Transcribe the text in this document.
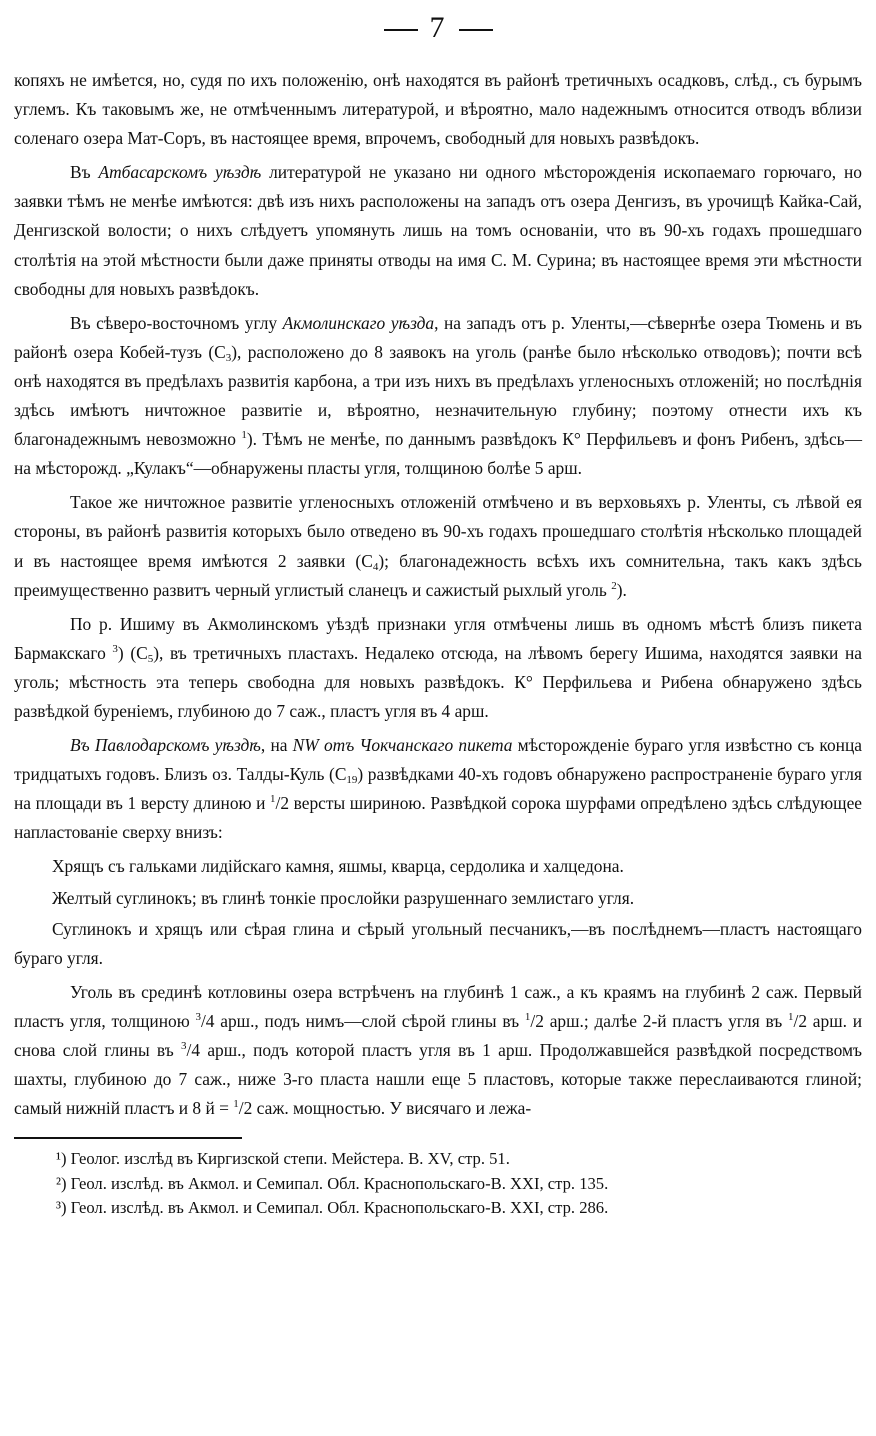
7

копяхъ не имѣется, но, судя по ихъ положенію, онѣ находятся въ районѣ третичныхъ осадковъ, слѣд., съ бурымъ углемъ. Къ таковымъ же, не отмѣченнымъ литературой, и вѣроятно, мало надежнымъ относится отводъ вблизи соленаго озера Мат-Соръ, въ настоящее время, впрочемъ, свободный для новыхъ развѣдокъ.

Въ Атбасарскомъ уѣздѣ литературой не указано ни одного мѣсторожденія ископаемаго горючаго, но заявки тѣмъ не менѣе имѣются: двѣ изъ нихъ расположены на западъ отъ озера Денгизъ, въ урочищѣ Кайка-Сай, Денгизской волости; о нихъ слѣдуетъ упомянуть лишь на томъ основаніи, что въ 90-хъ годахъ прошедшаго столѣтія на этой мѣстности были даже приняты отводы на имя С. М. Сурина; въ настоящее время эти мѣстности свободны для новыхъ развѣдокъ.

Въ сѣверо-восточномъ углу Акмолинскаго уѣзда, на западъ отъ р. Уленты,—сѣвернѣе озера Тюмень и въ районѣ озера Кобей-тузъ $(C_3)$, расположено до 8 заявокъ на уголь (ранѣе было нѣсколько отводовъ); почти всѣ онѣ находятся въ предѣлахъ развитія карбона, а три изъ нихъ въ предѣлахъ угленосныхъ отложеній; но послѣднія здѣсь имѣютъ ничтожное развитіе и, вѣроятно, незначительную глубину; поэтому отнести ихъ къ благонадежнымъ невозможно $^1$). Тѣмъ не менѣе, по даннымъ развѣдокъ К° Перфильевъ и фонъ Рибенъ, здѣсь—на мѣсторожд. „Кулакъ“—обнаружены пласты угля, толщиною болѣе 5 арш.

Такое же ничтожное развитіе угленосныхъ отложеній отмѣчено и въ верховьяхъ р. Уленты, съ лѣвой ея стороны, въ районѣ развитія которыхъ было отведено въ 90-хъ годахъ прошедшаго столѣтія нѣсколько площадей и въ настоящее время имѣются 2 заявки $(C_4)$; благонадежность всѣхъ ихъ сомнительна, такъ какъ здѣсь преимущественно развитъ черный углистый сланецъ и сажистый рыхлый уголь $^2$).

По р. Ишиму въ Акмолинскомъ уѣздѣ признаки угля отмѣчены лишь въ одномъ мѣстѣ близъ пикета Бармакскаго $^3$) $(C_5)$, въ третичныхъ пластахъ. Недалеко отсюда, на лѣвомъ берегу Ишима, находятся заявки на уголь; мѣстность эта теперь свободна для новыхъ развѣдокъ. К° Перфильева и Рибена обнаружено здѣсь развѣдкой буреніемъ, глубиною до 7 саж., пластъ угля въ 4 арш.

Въ Павлодарскомъ уѣздѣ, на NW отъ Чокчанскаго пикета мѣсторожденіе бураго угля извѣстно съ конца тридцатыхъ годовъ. Близъ оз. Талды-Куль $(C_{19})$ развѣдками 40-хъ годовъ обнаружено распространеніе бураго угля на площади въ 1 версту длиною и $^1$/2 версты шириною. Развѣдкой сорока шурфами опредѣлено здѣсь слѣдующее напластованіе сверху внизъ:

Хрящъ съ гальками лидійскаго камня, яшмы, кварца, сердолика и халцедона.

Желтый суглинокъ; въ глинѣ тонкіе прослойки разрушеннаго землистаго угля.

Суглинокъ и хрящъ или сѣрая глина и сѣрый угольный песчаникъ,—въ послѣднемъ—пластъ настоящаго бураго угля.

Уголь въ срединѣ котловины озера встрѣченъ на глубинѣ 1 саж., а къ краямъ на глубинѣ 2 саж. Первый пластъ угля, толщиною $^3$/4 арш., подъ нимъ—слой сѣрой глины въ $^1$/2 арш.; далѣе 2-й пластъ угля въ $^1$/2 арш. и снова слой глины въ $^3$/4 арш., подъ которой пластъ угля въ 1 арш. Продолжавшейся развѣдкой посредствомъ шахты, глубиною до 7 саж., ниже 3-го пласта нашли еще 5 пластовъ, которые также переслаиваются глиной; самый нижній пластъ и 8 й = $^1$/2 саж. мощностью. У висячаго и лежа-

¹) Геолог. изслѣд въ Киргизской степи. Мейстера. В. XV, стр. 51.
²) Геол. изслѣд. въ Акмол. и Семипал. Обл. Краснопольскаго-В. XXI, стр. 135.
³) Геол. изслѣд. въ Акмол. и Семипал. Обл. Краснопольскаго-В. XXI, стр. 286.
